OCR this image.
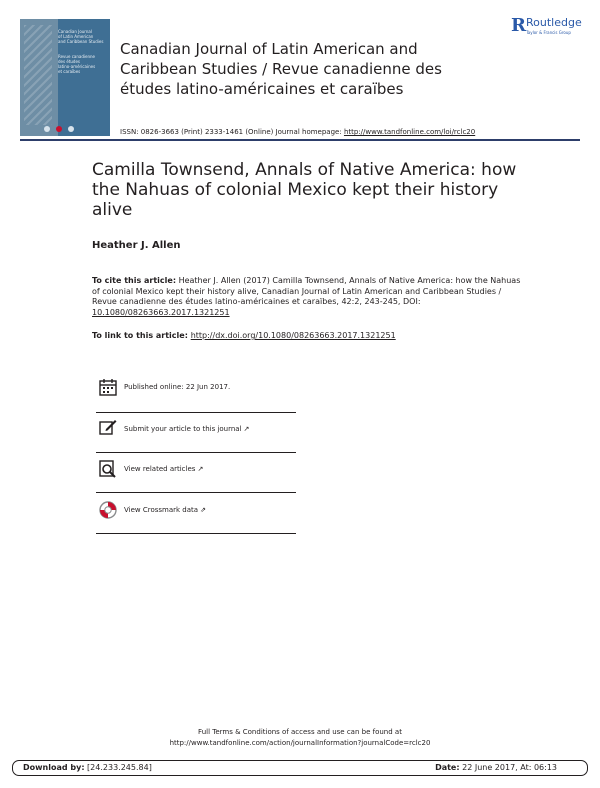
Canadian Journal
of Latin American
and Caribbean Studies
Revue canadienne
des études
latino-américaines
et caraïbes
Canadian Journal of Latin American and Caribbean Studies / Revue canadienne des études latino-américaines et caraïbes
R Routledge
Taylor & Francis Group
ISSN: 0826-3663 (Print) 2333-1461 (Online) Journal homepage: http://www.tandfonline.com/loi/rclc20
Camilla Townsend, Annals of Native America: how the Nahuas of colonial Mexico kept their history alive
Heather J. Allen
To cite this article: Heather J. Allen (2017) Camilla Townsend, Annals of Native America: how the Nahuas of colonial Mexico kept their history alive, Canadian Journal of Latin American and Caribbean Studies / Revue canadienne des études latino-américaines et caraïbes, 42:2, 243-245, DOI: 10.1080/08263663.2017.1321251
To link to this article: http://dx.doi.org/10.1080/08263663.2017.1321251
Published online: 22 Jun 2017.
Submit your article to this journal ↗
View related articles ↗
View Crossmark data ⇗
Full Terms & Conditions of access and use can be found at
http://www.tandfonline.com/action/journalInformation?journalCode=rclc20
Download by: [24.233.245.84]	Date: 22 June 2017, At: 06:13
